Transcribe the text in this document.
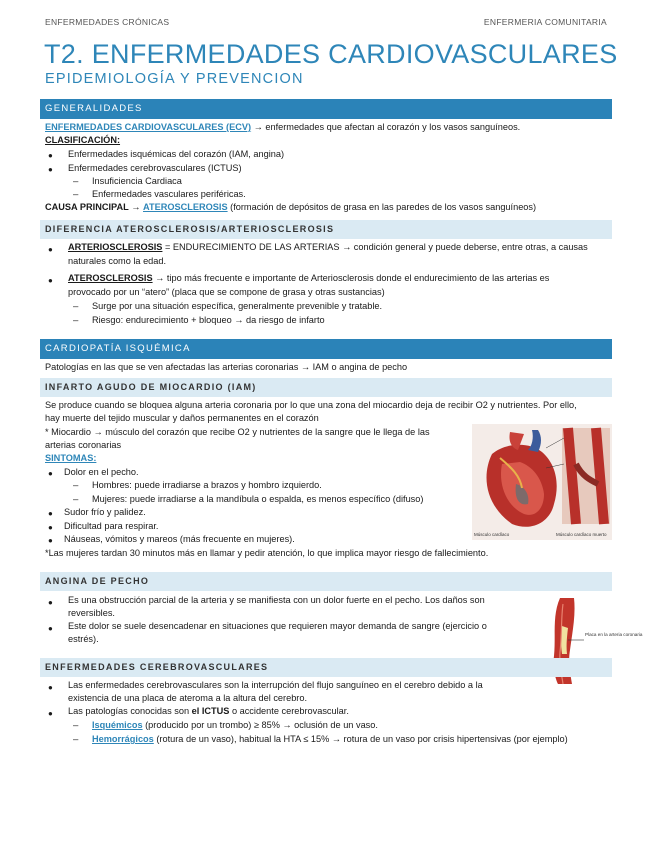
ENFERMEDADES CRÓNICAS	ENFERMERIA COMUNITARIA
T2. ENFERMEDADES CARDIOVASCULARES
EPIDEMIOLOGÍA Y PREVENCION
GENERALIDADES
ENFERMEDADES CARDIOVASCULARES (ECV) → enfermedades que afectan al corazón y los vasos sanguíneos.
CLASIFICACIÓN:
● Enfermedades isquémicas del corazón (IAM, angina)
● Enfermedades cerebrovasculares (ICTUS)
– Insuficiencia Cardiaca
– Enfermedades vasculares periféricas.
CAUSA PRINCIPAL → ATEROSCLEROSIS (formación de depósitos de grasa en las paredes de los vasos sanguíneos)
DIFERENCIA ATEROSCLEROSIS/ARTERIOSCLEROSIS
● ARTERIOSCLEROSIS = ENDURECIMIENTO DE LAS ARTERIAS → condición general y puede deberse, entre otras, a causas
naturales como la edad.
● ATEROSCLEROSIS → tipo más frecuente e importante de Arteriosclerosis donde el endurecimiento de las arterias es
provocado por un “atero” (placa que se compone de grasa y otras sustancias)
– Surge por una situación específica, generalmente prevenible y tratable.
– Riesgo: endurecimiento + bloqueo → da riesgo de infarto
CARDIOPATÍA ISQUÉMICA
Patologías en las que se ven afectadas las arterias coronarias → IAM o angina de pecho
INFARTO AGUDO DE MIOCARDIO (IAM)
Se produce cuando se bloquea alguna arteria coronaria por lo que una zona del miocardio deja de recibir O2 y nutrientes. Por ello,
hay muerte del tejido muscular y daños permanentes en el corazón
* Miocardio → músculo del corazón que recibe O2 y nutrientes de la sangre que le llega de las
arterias coronarias
SINTOMAS:
● Dolor en el pecho.
– Hombres: puede irradiarse a brazos y hombro izquierdo.
– Mujeres: puede irradiarse a la mandíbula o espalda, es menos específico (difuso)
● Sudor frío y palidez.
● Dificultad para respirar.
● Náuseas, vómitos y mareos (más frecuente en mujeres).
*Las mujeres tardan 30 minutos más en llamar y pedir atención, lo que implica mayor riesgo de fallecimiento.
Músculo cardíaco	Músculo cardíaco muerto
ANGINA DE PECHO
● Es una obstrucción parcial de la arteria y se manifiesta con un dolor fuerte en el pecho. Los daños son
reversibles.
● Este dolor se suele desencadenar en situaciones que requieren mayor demanda de sangre (ejercicio o
estrés).	Placa en la arteria coronaria
ENFERMEDADES CEREBROVASCULARES
● Las enfermedades cerebrovasculares son la interrupción del flujo sanguíneo en el cerebro debido a la
existencia de una placa de ateroma a la altura del cerebro.
● Las patologías conocidas son el ICTUS o accidente cerebrovascular.
– Isquémicos (producido por un trombo) ≥ 85% → oclusión de un vaso.
– Hemorrágicos (rotura de un vaso), habitual la HTA ≤ 15% → rotura de un vaso por crisis hipertensivas (por ejemplo)
